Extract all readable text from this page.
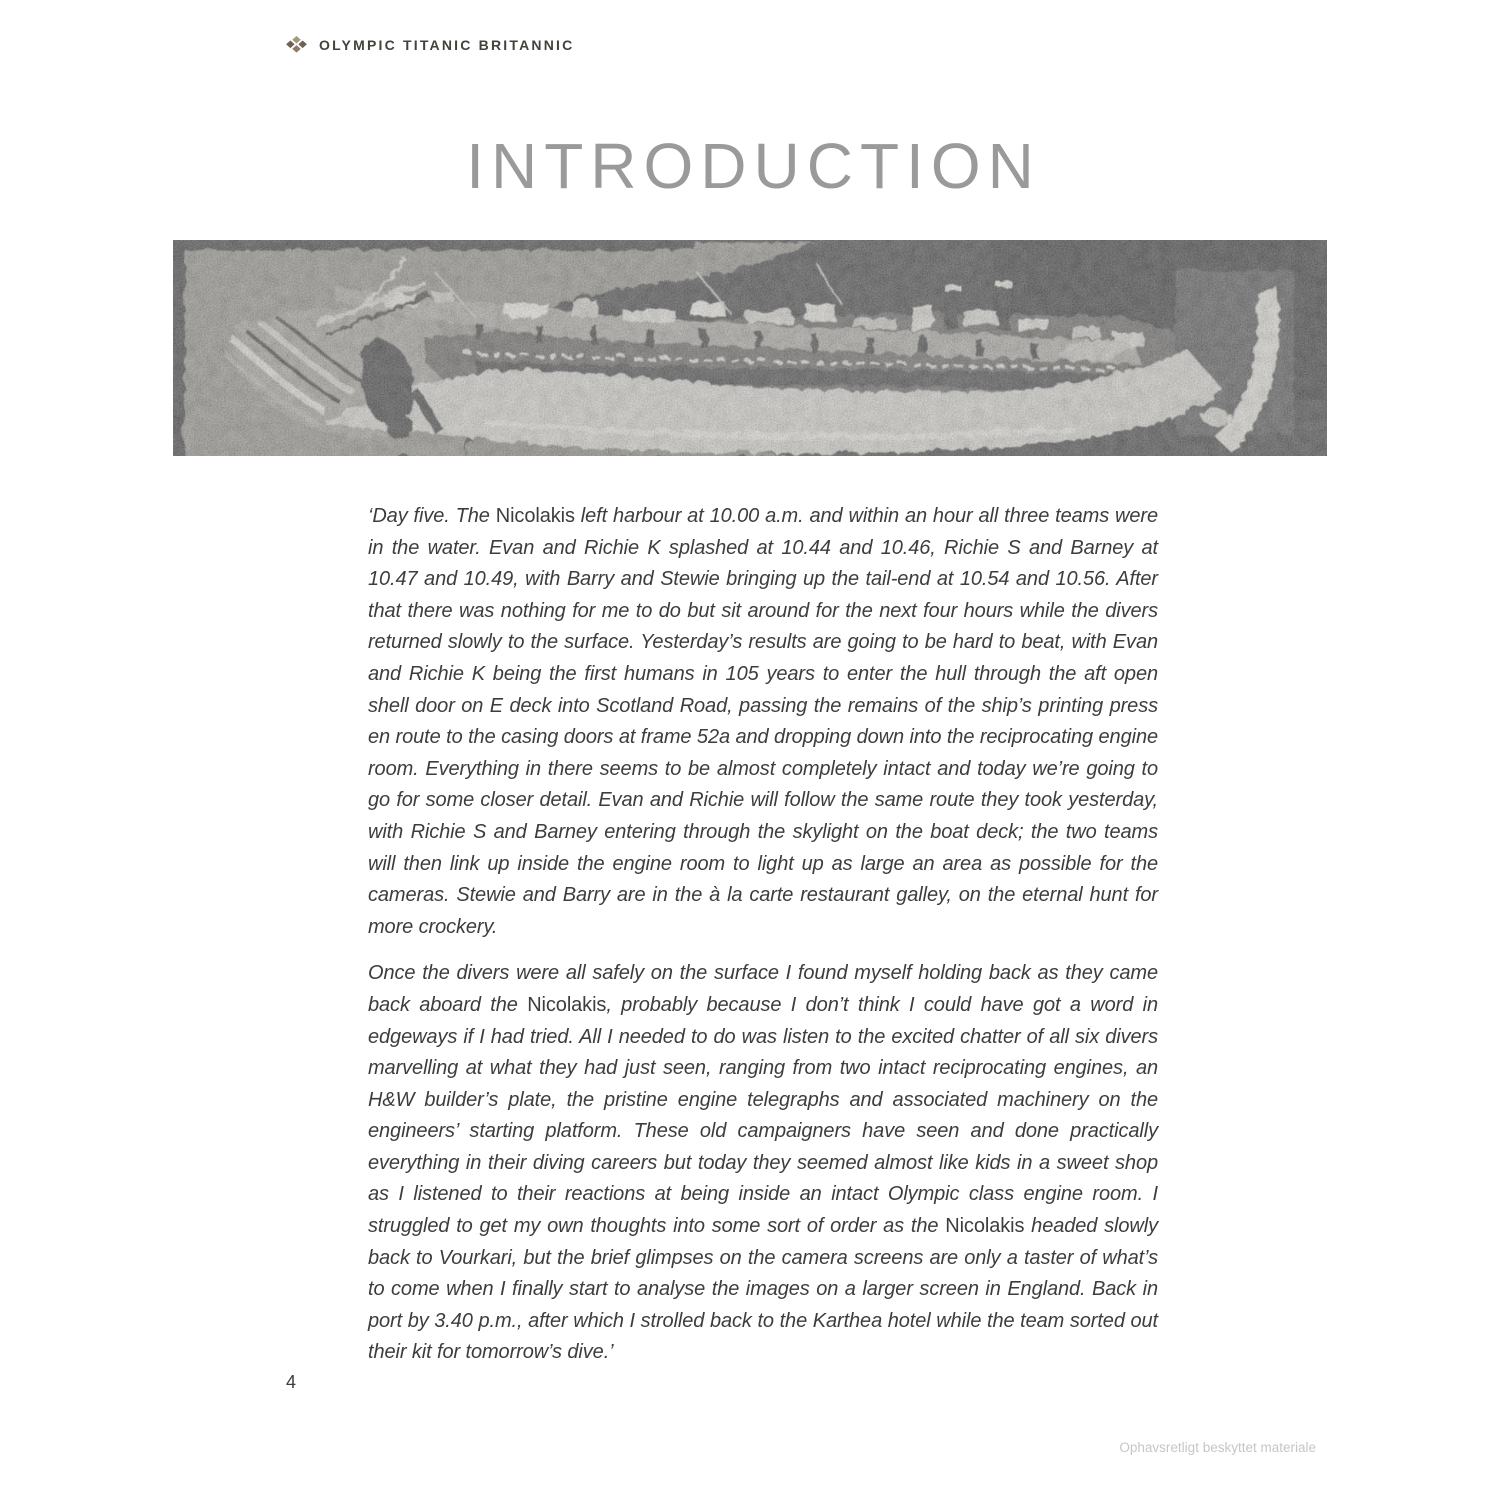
OLYMPIC TITANIC BRITANNIC
INTRODUCTION

‘Day five. The Nicolakis left harbour at 10.00 a.m. and within an hour all three teams were in the water. Evan and Richie K splashed at 10.44 and 10.46, Richie S and Barney at 10.47 and 10.49, with Barry and Stewie bringing up the tail-end at 10.54 and 10.56. After that there was nothing for me to do but sit around for the next four hours while the divers returned slowly to the surface. Yesterday’s results are going to be hard to beat, with Evan and Richie K being the first humans in 105 years to enter the hull through the aft open shell door on E deck into Scotland Road, passing the remains of the ship’s printing press en route to the casing doors at frame 52a and dropping down into the reciprocating engine room. Everything in there seems to be almost completely intact and today we’re going to go for some closer detail. Evan and Richie will follow the same route they took yesterday, with Richie S and Barney entering through the skylight on the boat deck; the two teams will then link up inside the engine room to light up as large an area as possible for the cameras. Stewie and Barry are in the à la carte restaurant galley, on the eternal hunt for more crockery.

Once the divers were all safely on the surface I found myself holding back as they came back aboard the Nicolakis, probably because I don’t think I could have got a word in edgeways if I had tried. All I needed to do was listen to the excited chatter of all six divers marvelling at what they had just seen, ranging from two intact reciprocating engines, an H&W builder’s plate, the pristine engine telegraphs and associated machinery on the engineers’ starting platform. These old campaigners have seen and done practically everything in their diving careers but today they seemed almost like kids in a sweet shop as I listened to their reactions at being inside an intact Olympic class engine room. I struggled to get my own thoughts into some sort of order as the Nicolakis headed slowly back to Vourkari, but the brief glimpses on the camera screens are only a taster of what’s to come when I finally start to analyse the images on a larger screen in England. Back in port by 3.40 p.m., after which I strolled back to the Karthea hotel while the team sorted out their kit for tomorrow’s dive.’

4
Ophavsretligt beskyttet materiale
